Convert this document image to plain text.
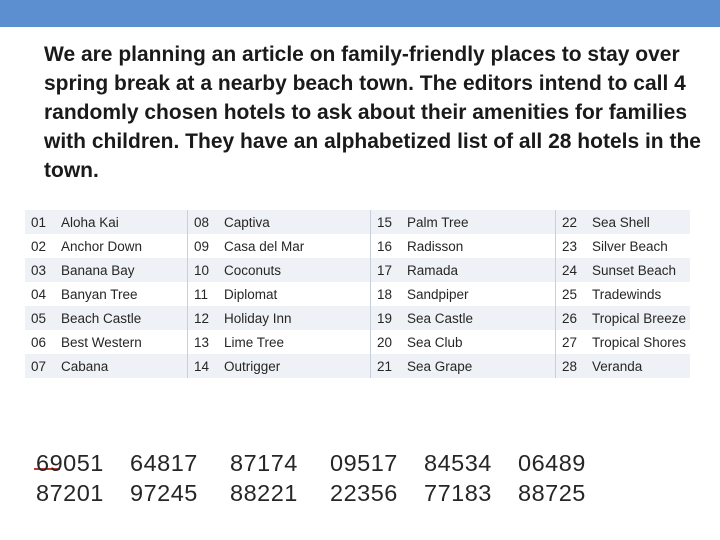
We are planning an article on family-friendly places to stay over spring break at a nearby beach town. The editors intend to call 4 randomly chosen hotels to ask about their amenities for families with children. They have an alphabetized list of all 28 hotels in the town.
01	Aloha Kai	08	Captiva	15	Palm Tree	22	Sea Shell
02	Anchor Down	09	Casa del Mar	16	Radisson	23	Silver Beach
03	Banana Bay	10	Coconuts	17	Ramada	24	Sunset Beach
04	Banyan Tree	11	Diplomat	18	Sandpiper	25	Tradewinds
05	Beach Castle	12	Holiday Inn	19	Sea Castle	26	Tropical Breeze
06	Best Western	13	Lime Tree	20	Sea Club	27	Tropical Shores
07	Cabana	14	Outrigger	21	Sea Grape	28	Veranda
69051 64817 87174 09517 84534 06489
87201 97245 88221 22356 77183 88725
